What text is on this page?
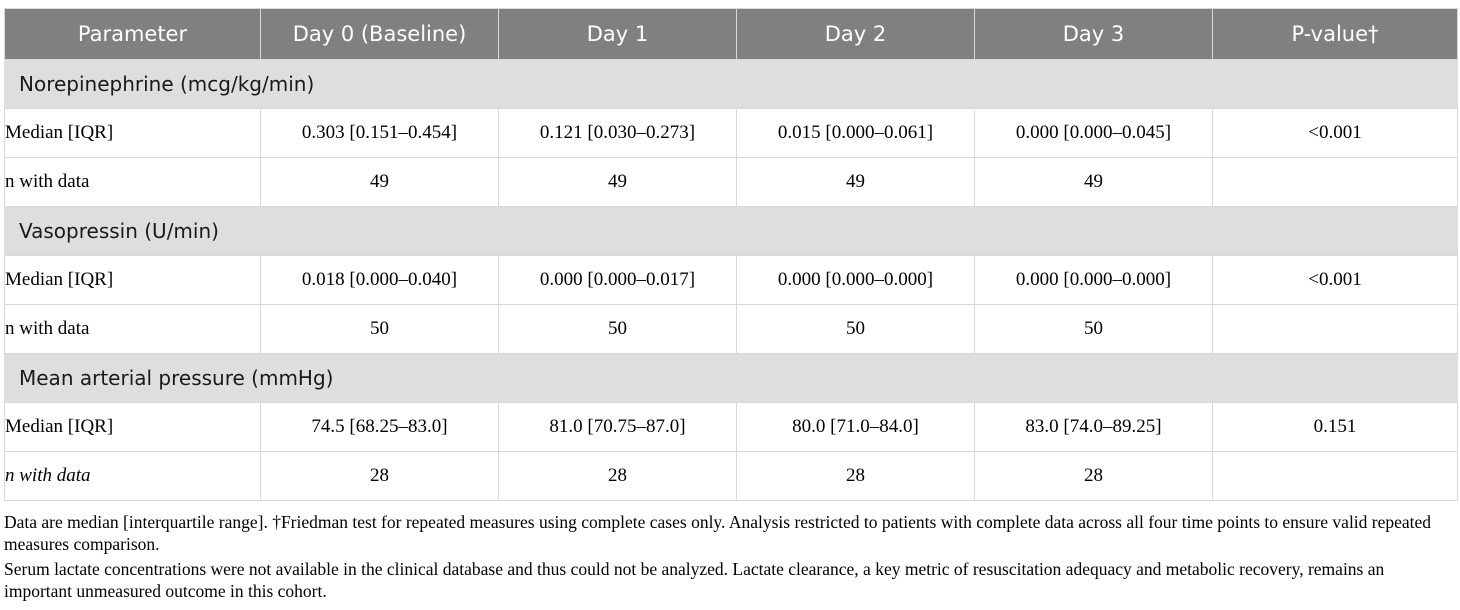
Parameter	Day 0 (Baseline)	Day 1	Day 2	Day 3	P-value†
Norepinephrine (mcg/kg/min)					
Median [IQR]	0.303 [0.151–0.454]	0.121 [0.030–0.273]	0.015 [0.000–0.061]	0.000 [0.000–0.045]	<0.001
n with data	49	49	49	49	
Vasopressin (U/min)					
Median [IQR]	0.018 [0.000–0.040]	0.000 [0.000–0.017]	0.000 [0.000–0.000]	0.000 [0.000–0.000]	<0.001
n with data	50	50	50	50	
Mean arterial pressure (mmHg)					
Median [IQR]	74.5 [68.25–83.0]	81.0 [70.75–87.0]	80.0 [71.0–84.0]	83.0 [74.0–89.25]	0.151
n with data	28	28	28	28	

Data are median [interquartile range]. †Friedman test for repeated measures using complete cases only. Analysis restricted to patients with complete data across all four time points to ensure valid repeated measures comparison.

Serum lactate concentrations were not available in the clinical database and thus could not be analyzed. Lactate clearance, a key metric of resuscitation adequacy and metabolic recovery, remains an important unmeasured outcome in this cohort.
